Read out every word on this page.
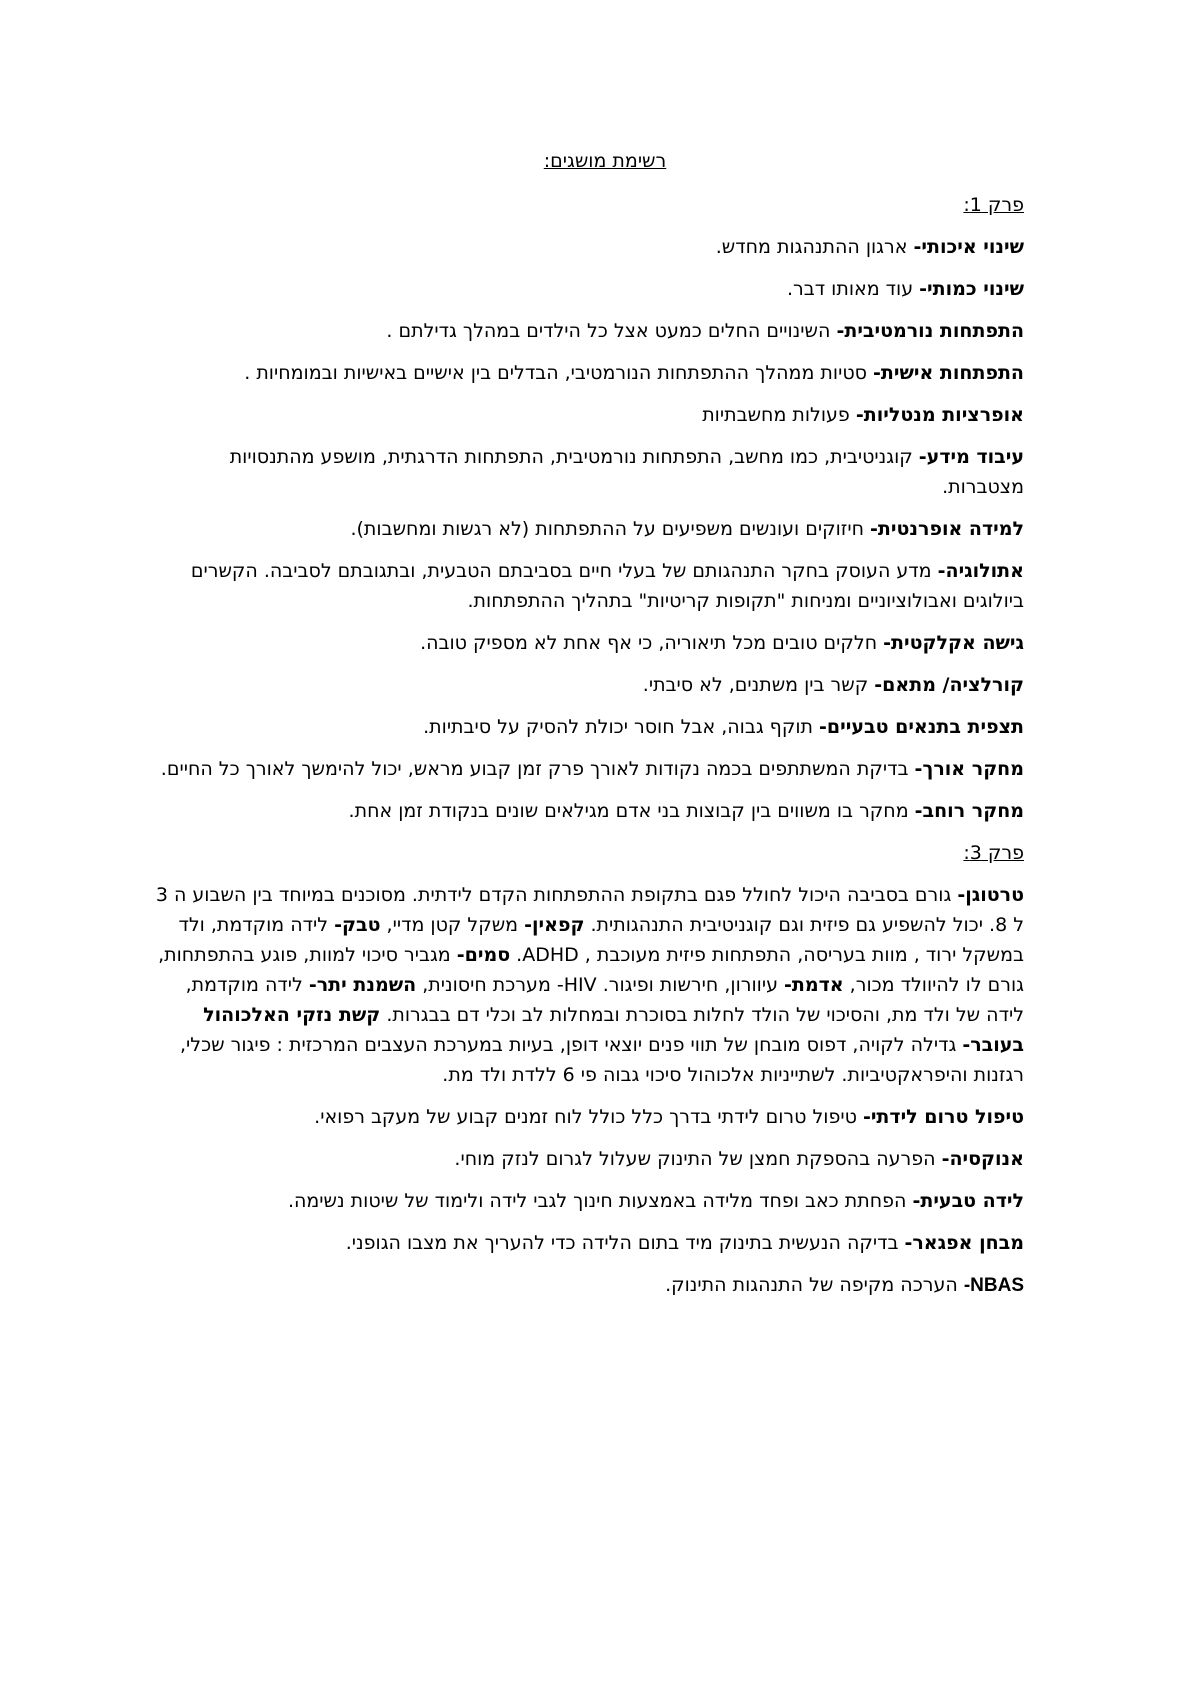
רשימת מושגים:
פרק 1:
שינוי איכותי- ארגון ההתנהגות מחדש.
שינוי כמותי- עוד מאותו דבר.
התפתחות נורמטיבית- השינויים החלים כמעט אצל כל הילדים במהלך גדילתם .
התפתחות אישית- סטיות ממהלך ההתפתחות הנורמטיבי, הבדלים בין אישיים באישיות ובמומחיות .
אופרציות מנטליות- פעולות מחשבתיות
עיבוד מידע- קוגניטיבית, כמו מחשב, התפתחות נורמטיבית, התפתחות הדרגתית, מושפע מהתנסויות מצטברות.
למידה אופרנטית- חיזוקים ועונשים משפיעים על ההתפתחות (לא רגשות ומחשבות).
אתולוגיה- מדע העוסק בחקר התנהגותם של בעלי חיים בסביבתם הטבעית, ובתגובתם לסביבה. הקשרים ביולוגים ואבולוציוניים ומניחות "תקופות קריטיות" בתהליך ההתפתחות.
גישה אקלקטית- חלקים טובים מכל תיאוריה, כי אף אחת לא מספיק טובה.
קורלציה/ מתאם- קשר בין משתנים, לא סיבתי.
תצפית בתנאים טבעיים- תוקף גבוה, אבל חוסר יכולת להסיק על סיבתיות.
מחקר אורך- בדיקת המשתתפים בכמה נקודות לאורך פרק זמן קבוע מראש, יכול להימשך לאורך כל החיים.
מחקר רוחב- מחקר בו משווים בין קבוצות בני אדם מגילאים שונים בנקודת זמן אחת.
פרק 3:
טרטוגן- גורם בסביבה היכול לחולל פגם בתקופת ההתפתחות הקדם לידתית. מסוכנים במיוחד בין השבוע ה 3 ל 8. יכול להשפיע גם פיזית וגם קוגניטיבית התנהגותית. קפאין- משקל קטן מדיי, טבק- לידה מוקדמת, ולד במשקל ירוד , מוות בעריסה, התפתחות פיזית מעוכבת , ADHD. סמים- מגביר סיכוי למוות, פוגע בהתפתחות, גורם לו להיוולד מכור, אדמת- עיוורון, חירשות ופיגור. HIV- מערכת חיסונית, השמנת יתר- לידה מוקדמת, לידה של ולד מת, והסיכוי של הולד לחלות בסוכרת ובמחלות לב וכלי דם בבגרות. קשת נזקי האלכוהול בעובר- גדילה לקויה, דפוס מובחן של תווי פנים יוצאי דופן, בעיות במערכת העצבים המרכזית : פיגור שכלי, רגזנות והיפראקטיביות. לשתייניות אלכוהול סיכוי גבוה פי 6 ללדת ולד מת.
טיפול טרום לידתי- טיפול טרום לידתי בדרך כלל כולל לוח זמנים קבוע של מעקב רפואי.
אנוקסיה- הפרעה בהספקת חמצן של התינוק שעלול לגרום לנזק מוחי.
לידה טבעית- הפחתת כאב ופחד מלידה באמצעות חינוך לגבי לידה ולימוד של שיטות נשימה.
מבחן אפגאר- בדיקה הנעשית בתינוק מיד בתום הלידה כדי להעריך את מצבו הגופני.
NBAS- הערכה מקיפה של התנהגות התינוק.
